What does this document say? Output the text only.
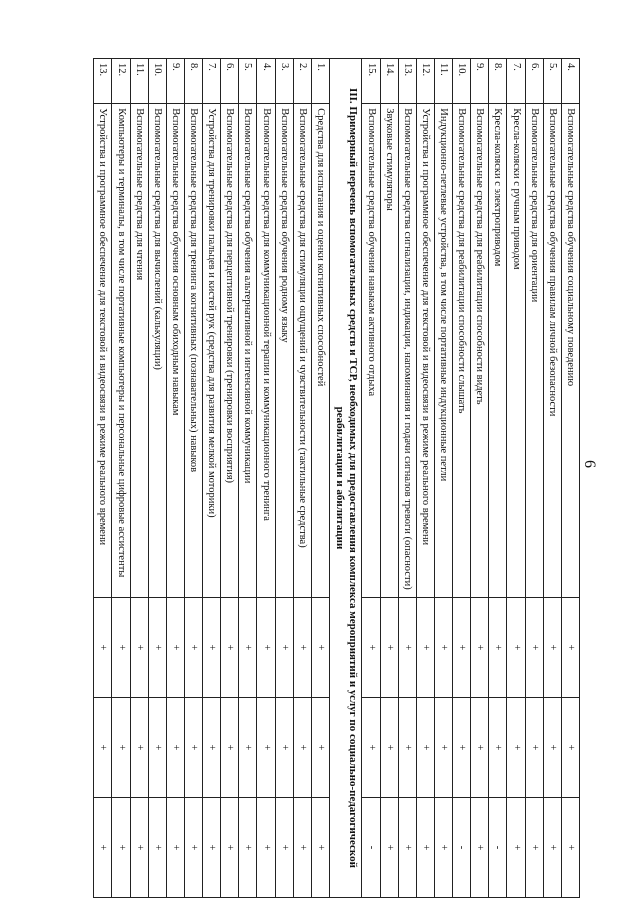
6
4.	Вспомогательные средства обучения социальному поведению	+	+	+
5.	Вспомогательные средства обучения правилам личной безопасности	+	+	+
6.	Вспомогательные средства для ориентации	+	+	+
7.	Кресла-коляски с ручным приводом	+	+	+
8.	Кресла-коляски с электроприводом	+	+	-
9.	Вспомогательные средства для реабилитации способности видеть	+	+	+
10.	Вспомогательные средства для реабилитации способности слышать	+	+	-
11.	Индукционно-петлевые устройства, в том числе портативные индукционные петли	+	+	+
12.	Устройства и программное обеспечение для текстовой и видеосвязи в режиме реального времени	+	+	+
13.	Вспомогательные средства сигнализации, индикации, напоминания и подачи сигналов тревоги (опасности)	+	+	+
14.	Звуковые стимуляторы	+	+	+
15.	Вспомогательные средства обучения навыкам активного отдыха	+	+	-
III. Примерный перечень вспомогательных средств и ТСР, необходимых для предоставления комплекса мероприятий и услуг по социально-педагогической реабилитации и абилитации				
1.	Средства для испытания и оценки когнитивных способностей	+	+	+
2.	Вспомогательные средства для стимуляции ощущений и чувствительности (тактильные средства)	+	+	+
3.	Вспомогательные средства обучения родному языку	+	+	+
4.	Вспомогательные средства для коммуникационной терапии и коммуникационного тренинга	+	+	+
5.	Вспомогательные средства обучения альтернативной и интенсивной коммуникации	+	+	+
6.	Вспомогательные средства для перцептивной тренировки (тренировки восприятия)	+	+	+
7.	Устройства для тренировки пальцев и кистей рук (средства для развития мелкой моторики)	+	+	+
8.	Вспомогательные средства для тренинга когнитивных (познавательных) навыков	+	+	+
9.	Вспомогательные средства обучения основным обиходным навыкам	+	+	+
10.	Вспомогательные средства для вычислений (калькуляции)	+	+	+
11.	Вспомогательные средства для чтения	+	+	+
12.	Компьютеры и терминалы, в том числе портативные компьютеры и персональные цифровые ассистенты	+	+	+
13.	Устройства и программное обеспечение для текстовой и видеосвязи в режиме реального времени	+	+	+
